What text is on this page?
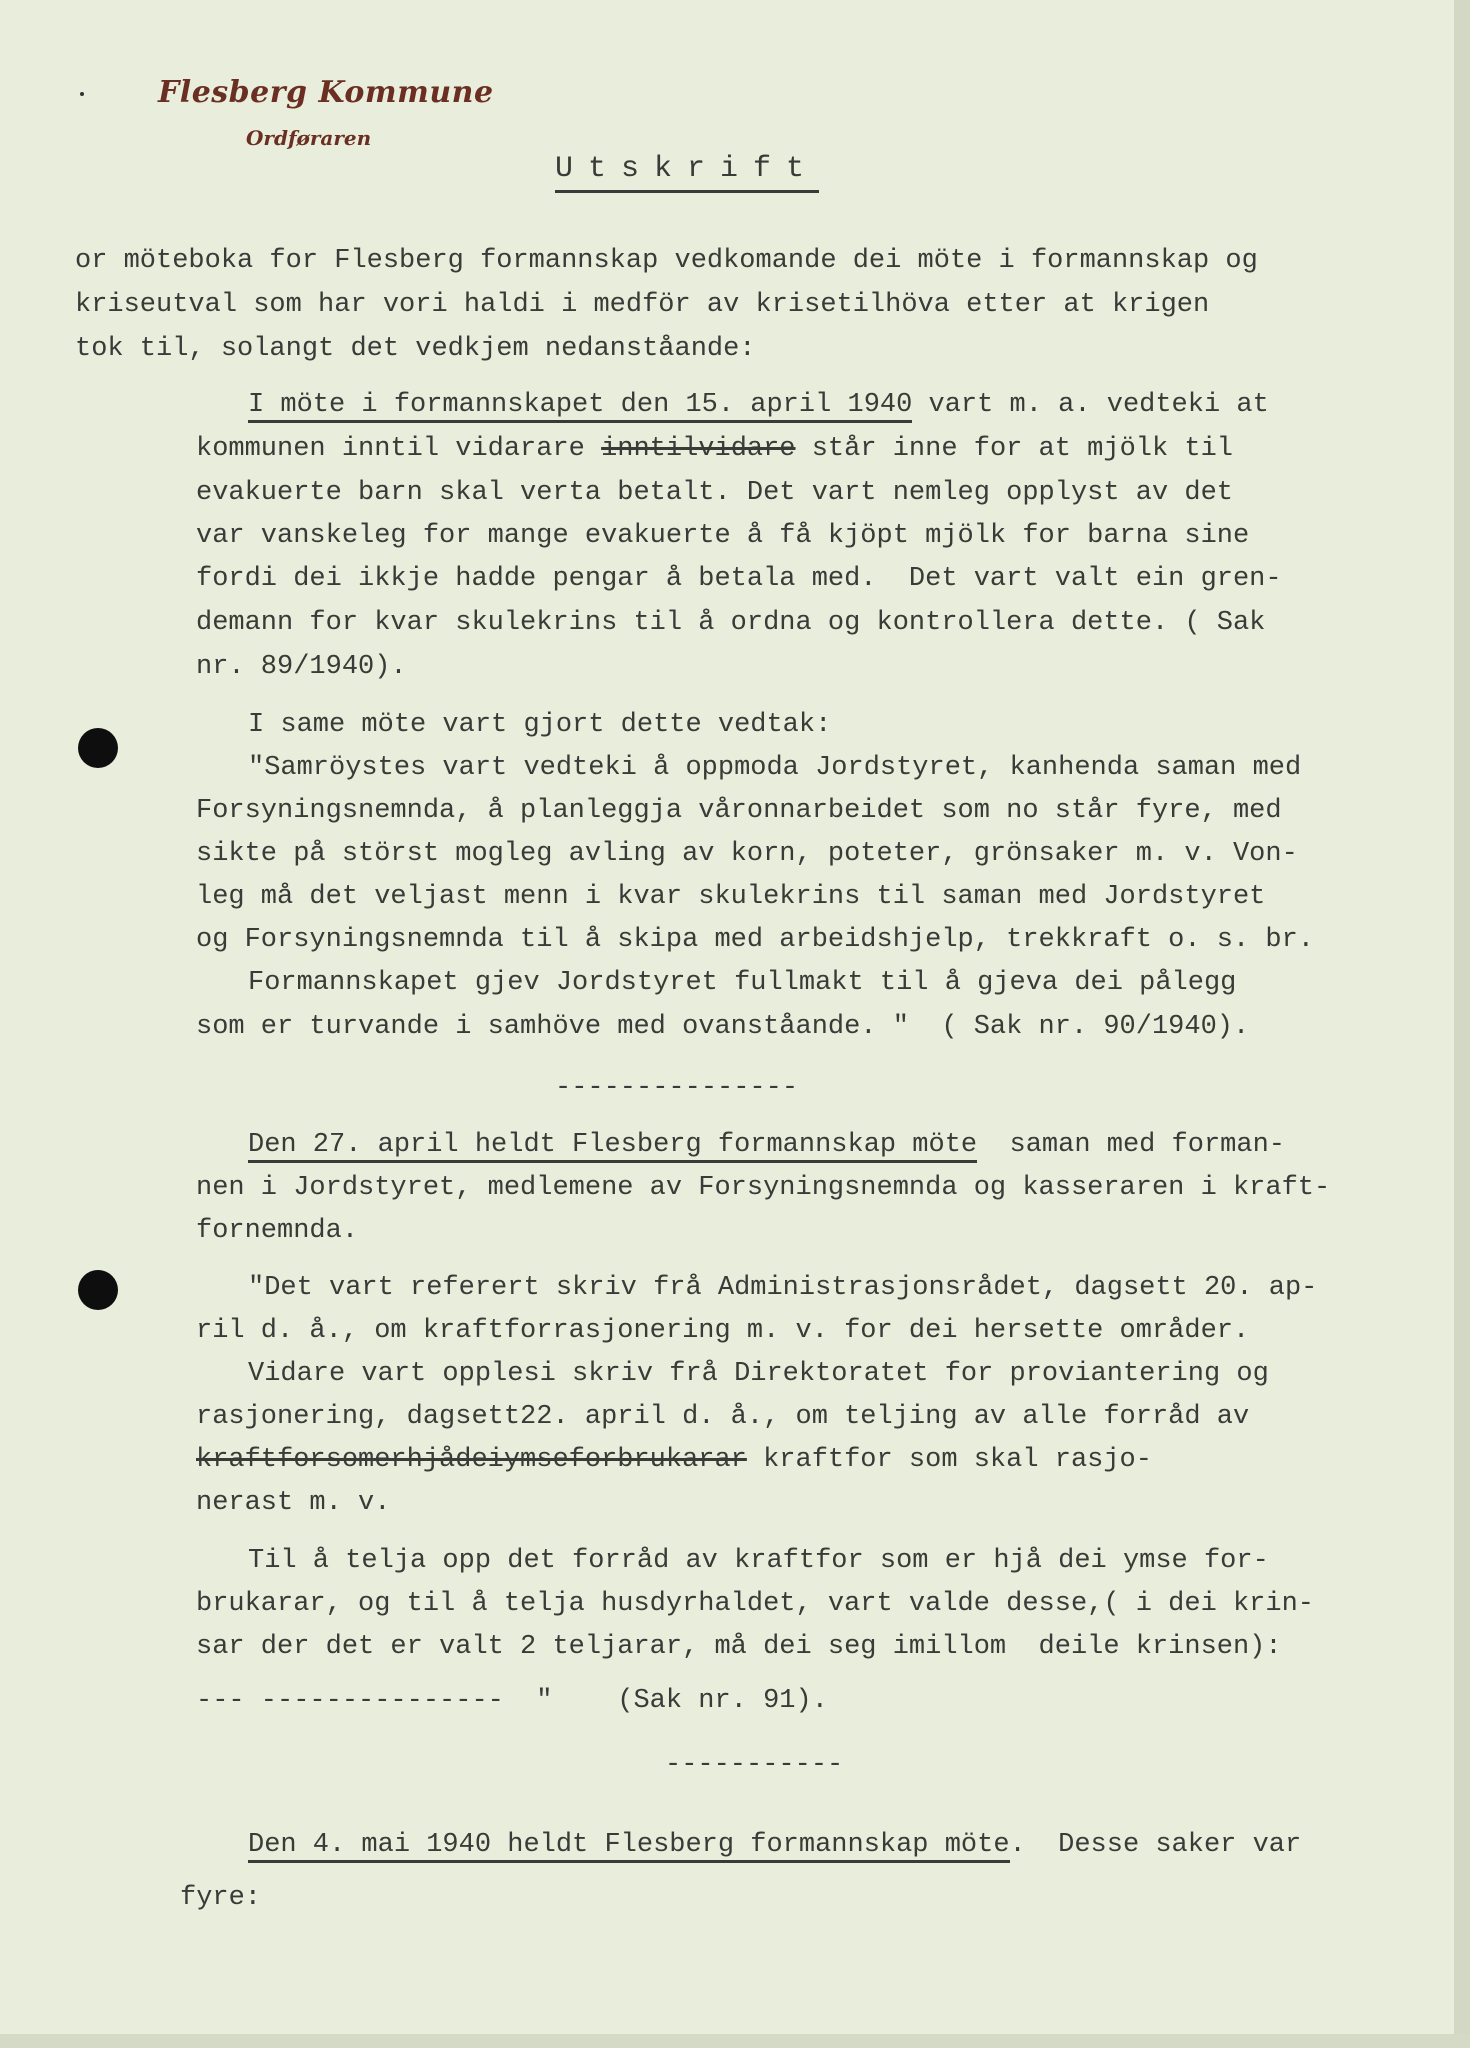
Flesberg Kommune
Ordføraren
Utskrift
or möteboka for Flesberg formannskap vedkomande dei möte i formannskap og
kriseutval som har vori haldi i medför av krisetilhöva etter at krigen
tok til, solangt det vedkjem nedanståande:
I möte i formannskapet den 15. april 1940 vart m. a. vedteki at
kommunen inntil vidarare inntilvidare står inne for at mjölk til
evakuerte barn skal verta betalt. Det vart nemleg opplyst av det
var vanskeleg for mange evakuerte å få kjöpt mjölk for barna sine
fordi dei ikkje hadde pengar å betala med.  Det vart valt ein gren-
demann for kvar skulekrins til å ordna og kontrollera dette. ( Sak
nr. 89/1940).
I same möte vart gjort dette vedtak:
"Samröystes vart vedteki å oppmoda Jordstyret, kanhenda saman med
Forsyningsnemnda, å planleggja våronnarbeidet som no står fyre, med
sikte på störst mogleg avling av korn, poteter, grönsaker m. v. Von-
leg må det veljast menn i kvar skulekrins til saman med Jordstyret
og Forsyningsnemnda til å skipa med arbeidshjelp, trekkraft o. s. br.
Formannskapet gjev Jordstyret fullmakt til å gjeva dei pålegg
som er turvande i samhöve med ovanståande. "  ( Sak nr. 90/1940).
---------------
Den 27. april heldt Flesberg formannskap möte  saman med forman-
nen i Jordstyret, medlemene av Forsyningsnemnda og kasseraren i kraft-
fornemnda.
"Det vart referert skriv frå Administrasjonsrådet, dagsett 20. ap-
ril d. å., om kraftforrasjonering m. v. for dei hersette områder.
Vidare vart opplesi skriv frå Direktoratet for proviantering og
rasjonering, dagsett22. april d. å., om teljing av alle forråd av
kraftforsomerhjådeiymseforbrukarar kraftfor som skal rasjo-
nerast m. v.
Til å telja opp det forråd av kraftfor som er hjå dei ymse for-
brukarar, og til å telja husdyrhaldet, vart valde desse,( i dei krin-
sar der det er valt 2 teljarar, må dei seg imillom  deile krinsen):
--- ---------------  "    (Sak nr. 91).
-----------
Den 4. mai 1940 heldt Flesberg formannskap möte.  Desse saker var
fyre:
